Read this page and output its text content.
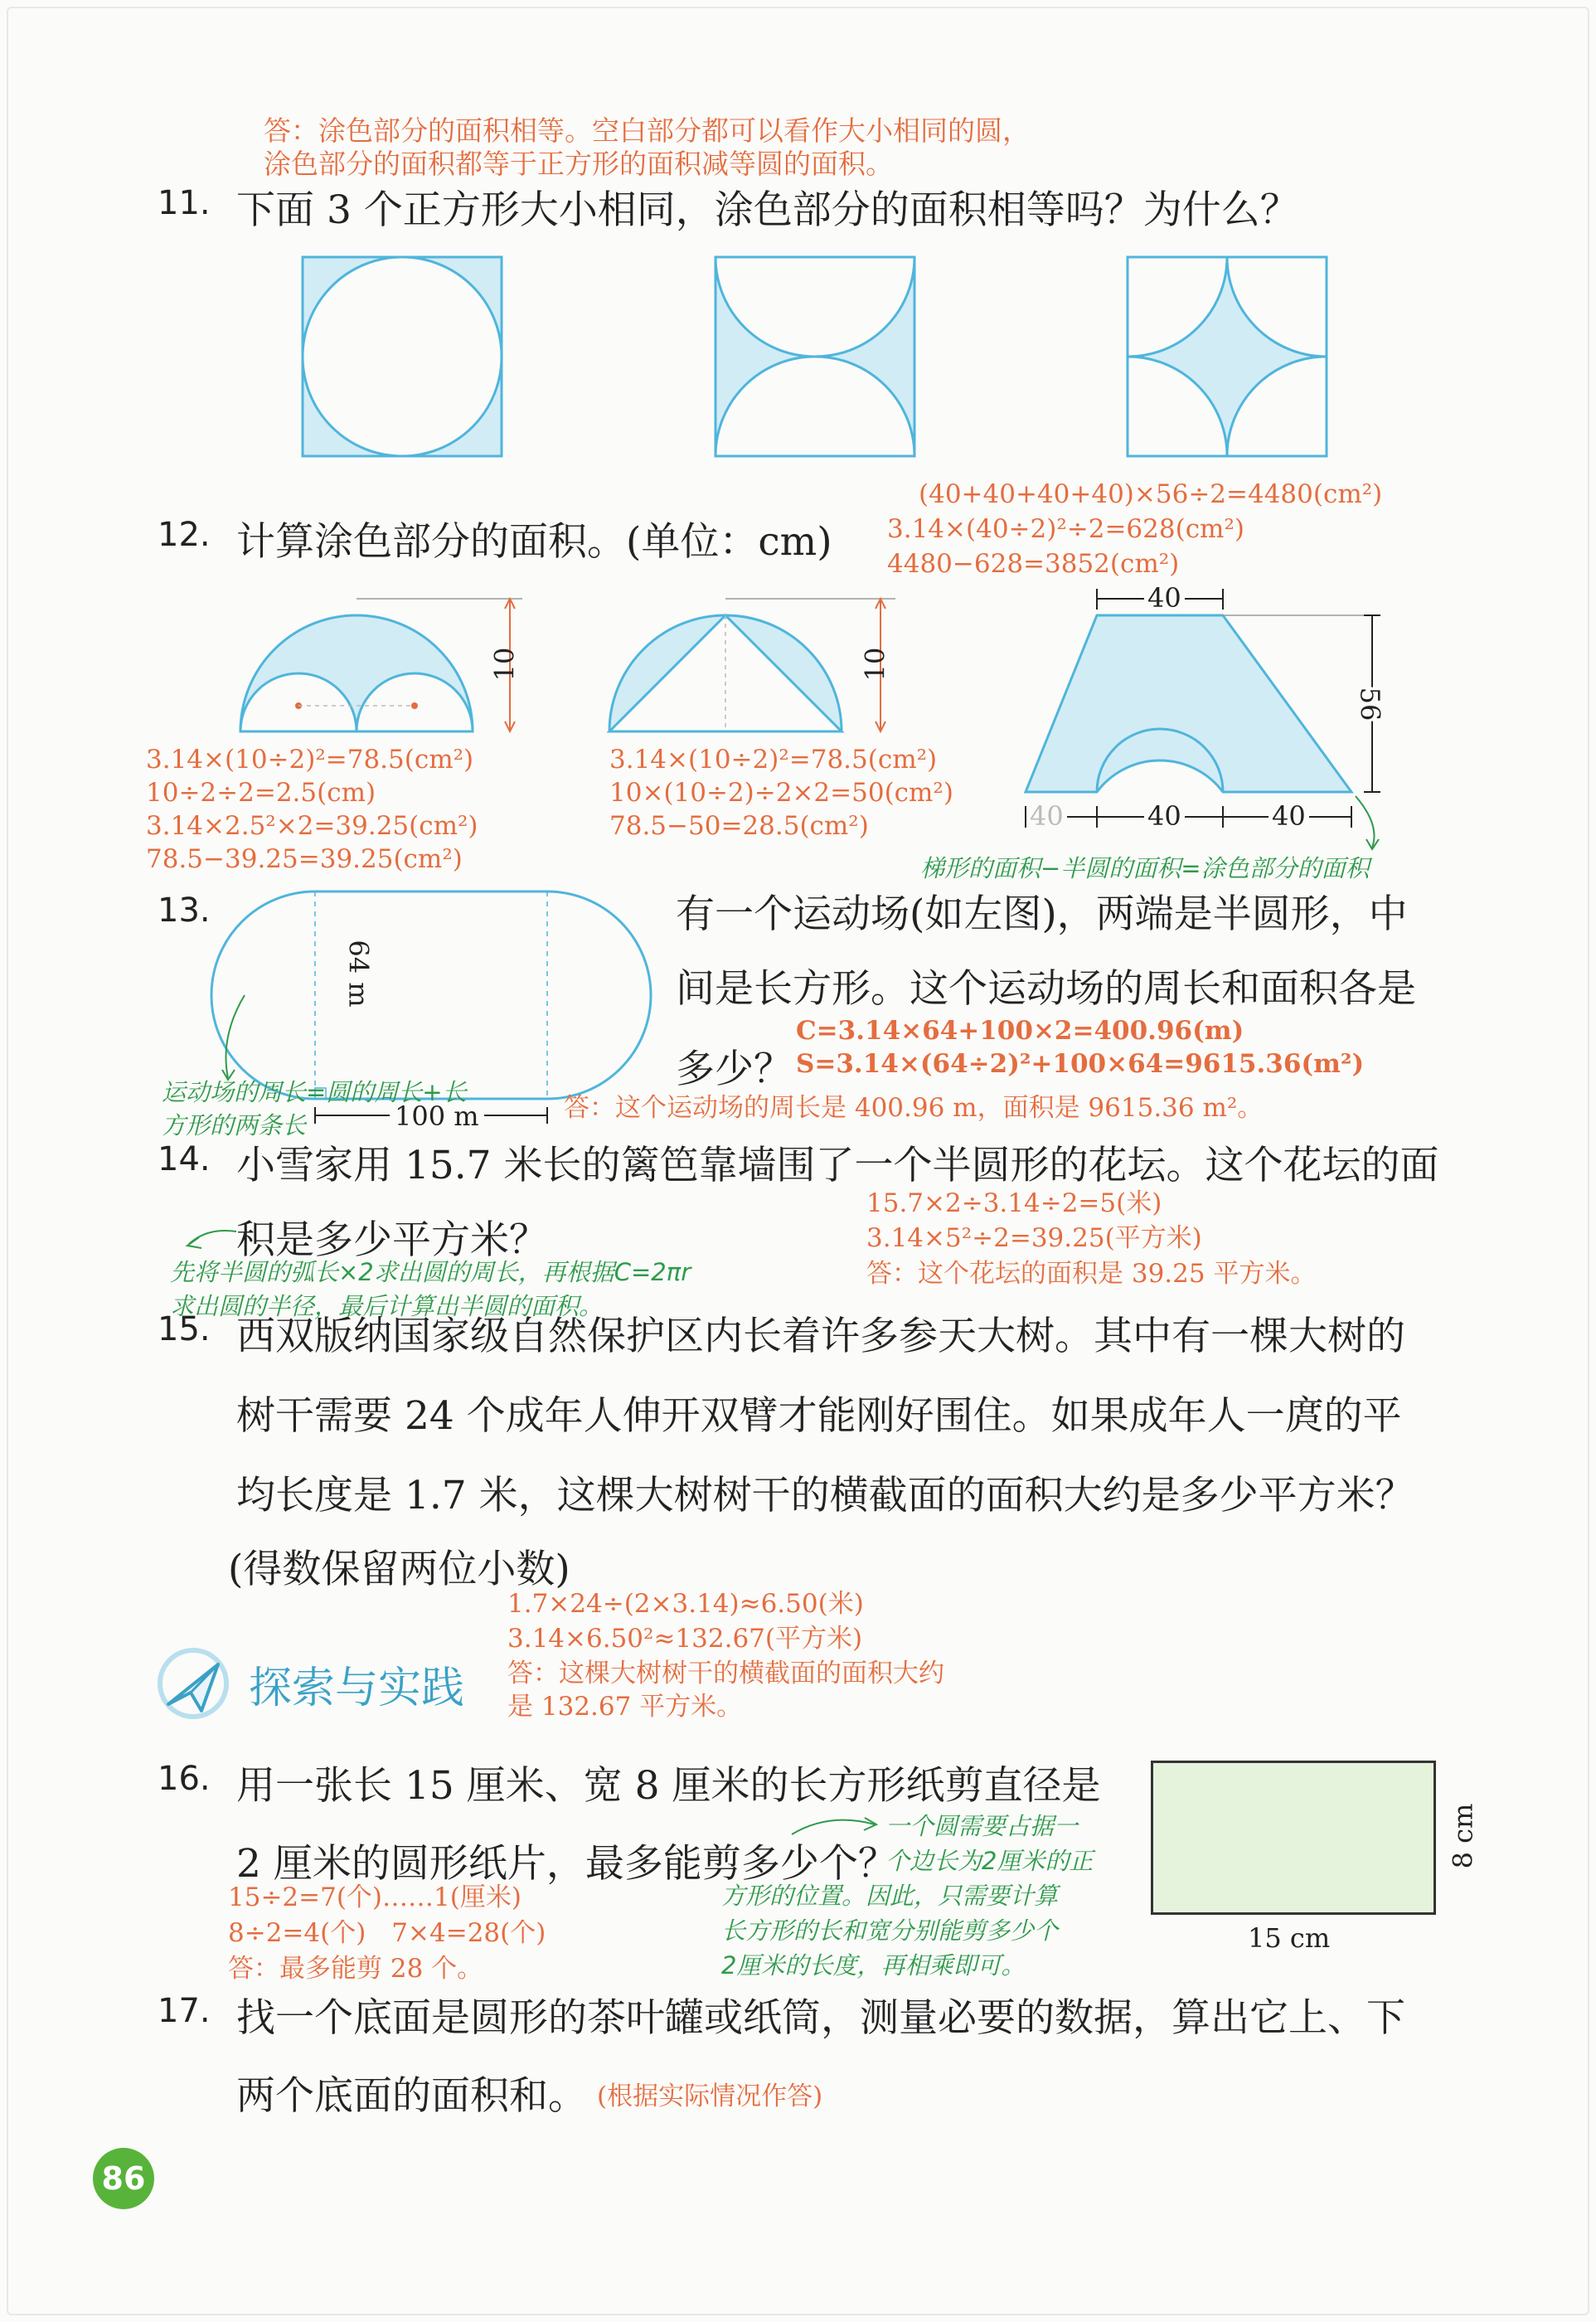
答：涂色部分的面积相等。空白部分都可以看作大小相同的圆，
涂色部分的面积都等于正方形的面积减等圆的面积。
11. 下面 3 个正方形大小相同，涂色部分的面积相等吗？为什么？
(40+40+40+40)×56÷2=4480(cm²)
3.14×(40÷2)²÷2=628(cm²)
4480−628=3852(cm²)
12. 计算涂色部分的面积。(单位：cm)
10	10
40
56
40	40	40
3.14×(10÷2)²=78.5(cm²)
10÷2÷2=2.5(cm)
3.14×2.5²×2=39.25(cm²)
78.5−39.25=39.25(cm²)
3.14×(10÷2)²=78.5(cm²)
10×(10÷2)÷2×2=50(cm²)
78.5−50=28.5(cm²)
梯形的面积−半圆的面积=涂色部分的面积
13.
64 m
100 m
有一个运动场(如左图)，两端是半圆形，中
间是长方形。这个运动场的周长和面积各是
多少？
C=3.14×64+100×2=400.96(m)
S=3.14×(64÷2)²+100×64=9615.36(m²)
答：这个运动场的周长是 400.96 m，面积是 9615.36 m²。
运动场的周长=圆的周长+长
方形的两条长
14. 小雪家用 15.7 米长的篱笆靠墙围了一个半圆形的花坛。这个花坛的面
积是多少平方米？
15.7×2÷3.14÷2=5(米)
3.14×5²÷2=39.25(平方米)
答：这个花坛的面积是 39.25 平方米。
先将半圆的弧长×2求出圆的周长，再根据C=2πr
求出圆的半径，最后计算出半圆的面积。
15. 西双版纳国家级自然保护区内长着许多参天大树。其中有一棵大树的
树干需要 24 个成年人伸开双臂才能刚好围住。如果成年人一庹的平
均长度是 1.7 米，这棵大树树干的横截面的面积大约是多少平方米？
(得数保留两位小数)
1.7×24÷(2×3.14)≈6.50(米)
3.14×6.50²≈132.67(平方米)
答：这棵大树树干的横截面的面积大约
是 132.67 平方米。
探索与实践
16. 用一张长 15 厘米、宽 8 厘米的长方形纸剪直径是
2 厘米的圆形纸片，最多能剪多少个？
15÷2=7(个)……1(厘米)
8÷2=4(个)　7×4=28(个)
答：最多能剪 28 个。
一个圆需要占据一
个边长为2厘米的正
方形的位置。因此，只需要计算
长方形的长和宽分别能剪多少个
2厘米的长度，再相乘即可。
15 cm
8 cm
17. 找一个底面是圆形的茶叶罐或纸筒，测量必要的数据，算出它上、下
两个底面的面积和。 (根据实际情况作答)
86
